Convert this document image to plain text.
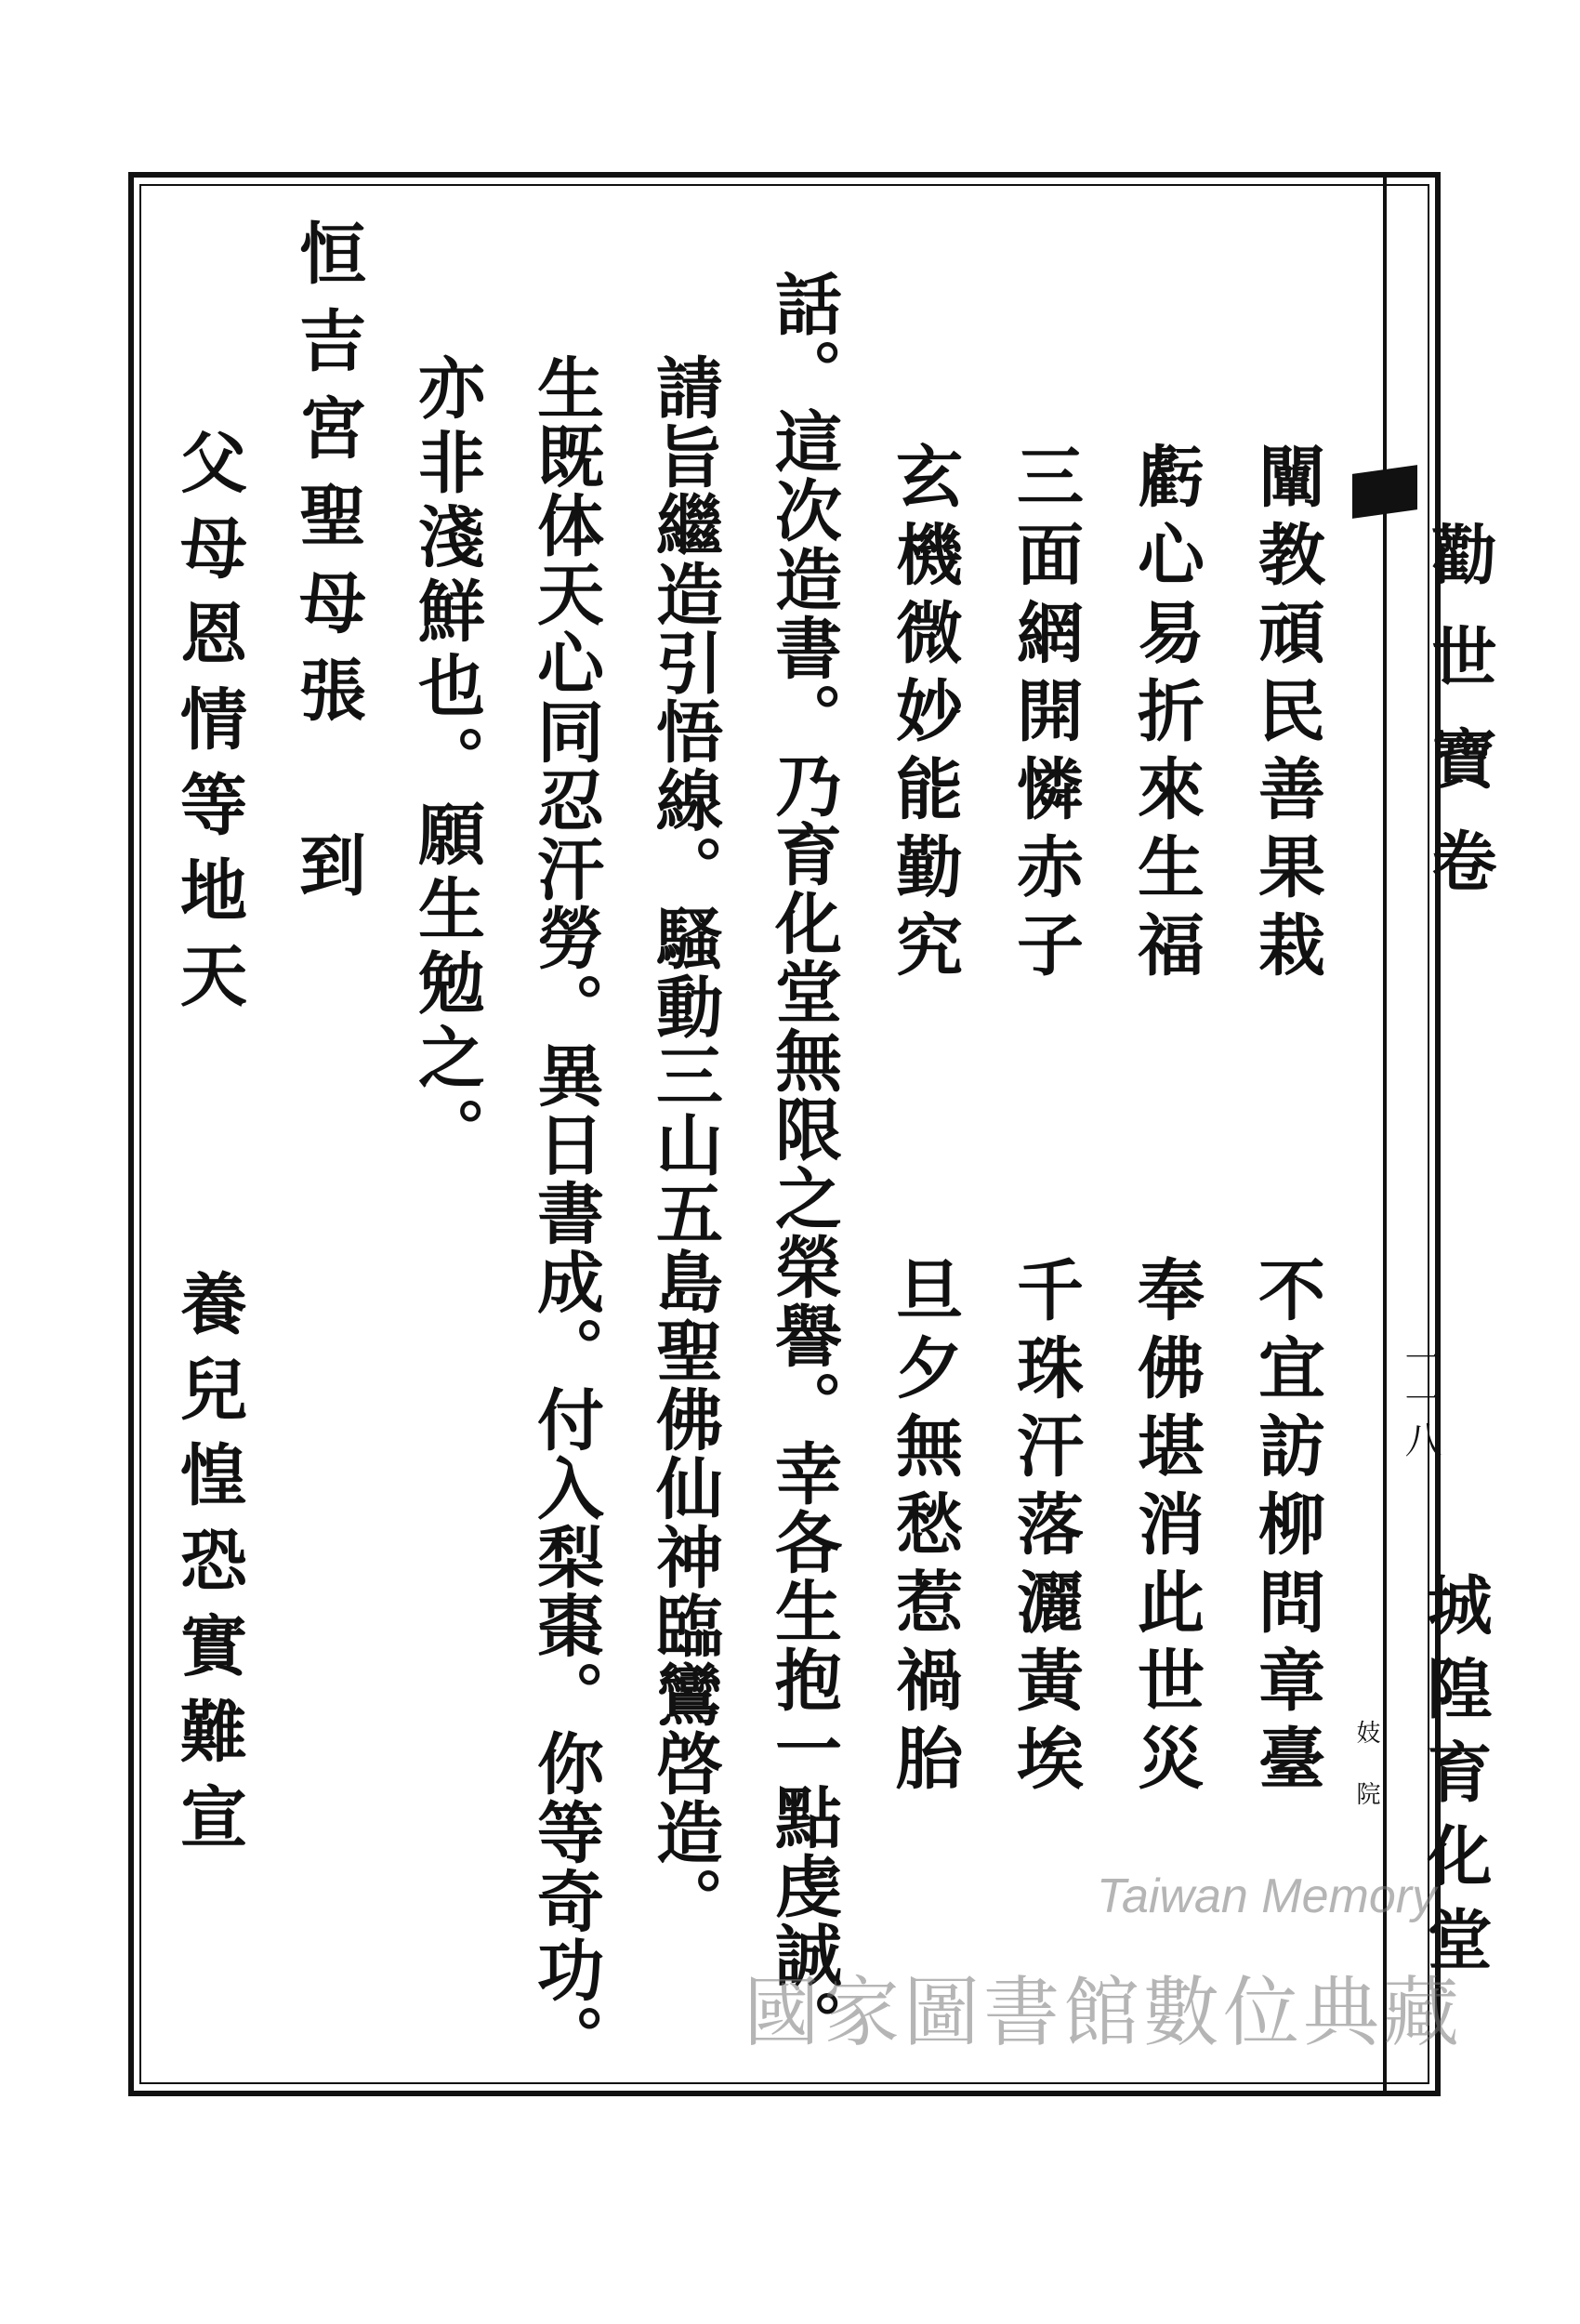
勸世寶卷
一一八
城隍育化堂
闡教頑民善果栽
不宜訪柳問章臺
虧心易折來生福
奉佛堪消此世災
三面網開憐赤子
千珠汗落灑黃埃
玄機微妙能勤究
旦夕無愁惹禍胎	妓院
話。這次造書。乃育化堂無限之榮譽。幸各生抱一點虔誠。
請旨繼造引悟線。騷動三山五島聖佛仙神臨鸞啓造。
生既体天心同忍汗勞。異日書成。付入梨棗。你等奇功。
亦非淺鮮也。願生勉之。
恒吉宮聖母張　到
父母恩情等地天
養兒惶恐實難宣
Taiwan Memory
國家圖書館數位典藏
